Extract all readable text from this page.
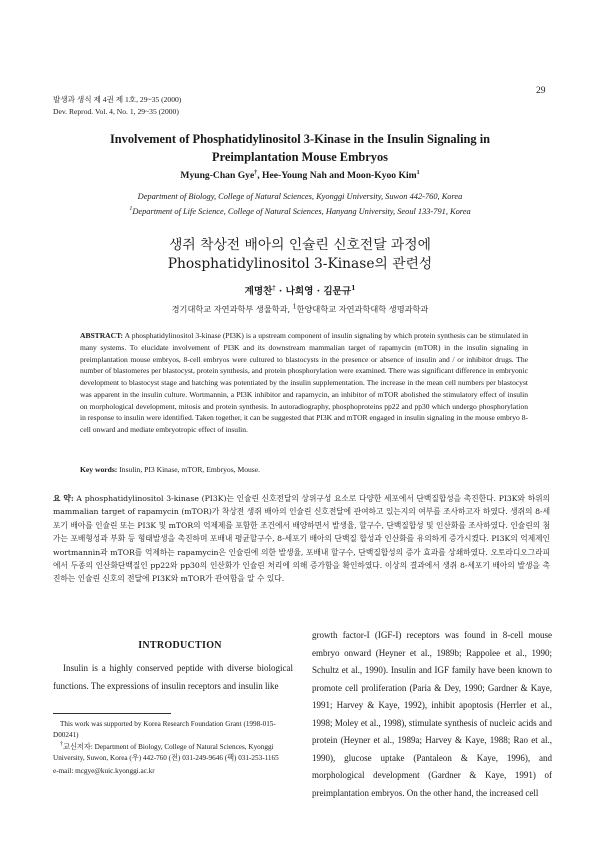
발생과 생식 제 4권 제 1호, 29~35 (2000)
Dev. Reprod. Vol. 4, No. 1, 29~35 (2000)
29
Involvement of Phosphatidylinositol 3-Kinase in the Insulin Signaling in
Preimplantation Mouse Embryos
Myung-Chan Gye†, Hee-Young Nah and Moon-Kyoo Kim$^1$
Department of Biology, College of Natural Sciences, Kyonggi University, Suwon 442-760, Korea
$^1$Department of Life Science, College of Natural Sciences, Hanyang University, Seoul 133-791, Korea
생쥐 착상전 배아의 인슐린 신호전달 과정에
Phosphatidylinositol 3-Kinase의 관련성
계명찬† · 나희영 · 김문규$^1$
경기대학교 자연과학부 생물학과, $^1$한양대학교 자연과학대학 생명과학과
ABSTRACT: A phosphatidylinositol 3-kinase (PI3K) is a upstream component of insulin signaling by which protein synthesis can be stimulated in many systems. To elucidate involvement of PI3K and its downstream mammalian target of rapamycin (mTOR) in the insulin signaling in preimplantation mouse embryos, 8-cell embryos were cultured to blastocysts in the presence or absence of insulin and / or inhibitor drugs. The number of blastomeres per blastocyst, protein synthesis, and protein phosphorylation were examined. There was significant difference in embryonic development to blastocyst stage and hatching was potentiated by the insulin supplementation. The increase in the mean cell numbers per blastocyst was apparent in the insulin culture. Wortmannin, a PI3K inhibitor and rapamycin, an inhibitor of mTOR abolished the stimulatory effect of insulin on morphological development, mitosis and protein synthesis. In autoradiography, phosphoproteins pp22 and pp30 which undergo phosphorylation in response to insulin were identified. Taken together, it can be suggested that PI3K and mTOR engaged in insulin signaling in the mouse embryo 8-cell onward and mediate embryotropic effect of insulin.
Key words: Insulin, PI3 Kinase, mTOR, Embryos, Mouse.
요 약: A phosphatidylinositol 3-kinase (PI3K)는 인슐린 신호전달의 상위구성 요소로 다양한 세포에서 단백질합성을 촉진한다. PI3K와 하위의 mammalian target of rapamycin (mTOR)가 착상전 생쥐 배아의 인슐린 신호전달에 관여하고 있는지의 여부를 조사하고자 하였다. 생쥐의 8-세포기 배아를 인슐린 또는 PI3K 및 mTOR의 억제제를 포함한 조건에서 배양하면서 발생율, 할구수, 단백질합성 및 인산화를 조사하였다. 인슐린의 첨가는 포배형성과 부화 등 형태발생을 촉진하며 포배내 평균할구수, 8-세포기 배아의 단백질 합성과 인산화를 유의하게 증가시켰다. PI3K의 억제제인 wortmannin과 mTOR를 억제하는 rapamycin은 인슐린에 의한 발생율, 포배내 할구수, 단백질합성의 증가 효과를 상쇄하였다. 오토라디오그라피에서 두종의 인산화단백질인 pp22와 pp30의 인산화가 인슐린 처리에 의해 증가함을 확인하였다. 이상의 결과에서 생쥐 8-세포기 배아의 발생을 촉진하는 인슐린 신호의 전달에 PI3K와 mTOR가 관여함을 알 수 있다.
INTRODUCTION
Insulin is a highly conserved peptide with diverse biological functions. The expressions of insulin receptors and insulin like
growth factor-I (IGF-I) receptors was found in 8-cell mouse embryo onward (Heyner et al., 1989b; Rappolee et al., 1990; Schultz et al., 1990). Insulin and IGF family have been known to promote cell proliferation (Paria & Dey, 1990; Gardner & Kaye, 1991; Harvey & Kaye, 1992), inhibit apoptosis (Herrler et al., 1998; Moley et al., 1998), stimulate synthesis of nucleic acids and protein (Heyner et al., 1989a; Harvey & Kaye, 1988; Rao et al., 1990), glucose uptake (Pantaleon & Kaye, 1996), and morphological development (Gardner & Kaye, 1991) of preimplantation embryos. On the other hand, the increased cell
This work was supported by Korea Research Foundation Grant (1998-015-D00241)
†교신저자: Department of Biology, College of Natural Sciences, Kyonggi University, Suwon, Korea (우) 442-760 (전) 031-249-9646 (팩) 031-253-1165
e-mail: mcgye@kuic.kyonggi.ac.kr
